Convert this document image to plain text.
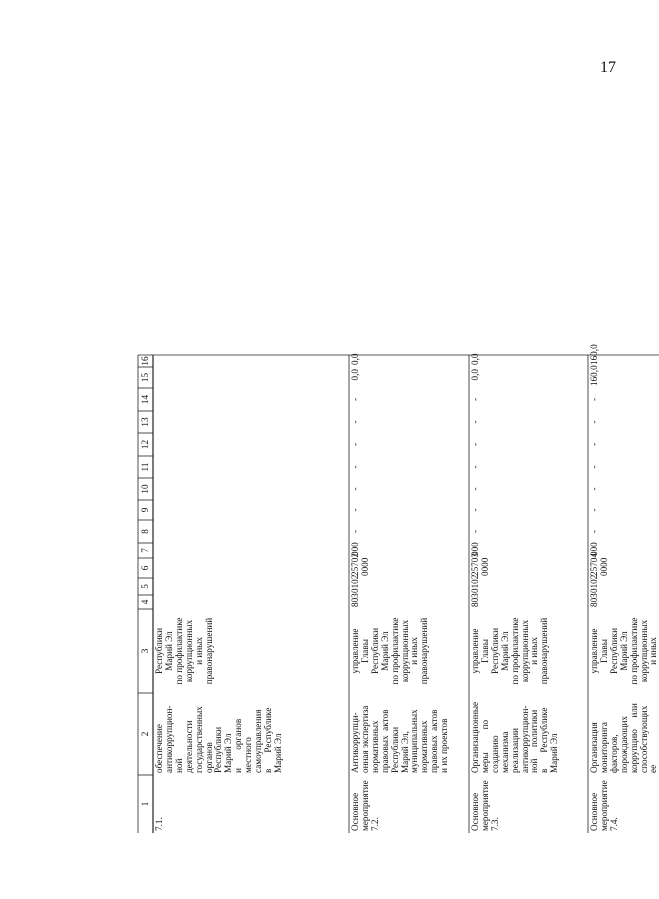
17
1
2
3
4
5
6
7
8
9
10
11
12
13
14
15
16
7.1.
обеспечение
антикоррупцион-
ной
деятельности
государственных
органов
Республики
Марий Эл
и        органов
местного
самоуправления
в       Республике
Марий Эл
Республики
Марий Эл
по профилактике
коррупционных
и иных
правонарушений
Основное
мероприятие
7.2.
Антикоррупци-
онная экспертиза
нормативных
правовых  актов
Республики
Марий Эл,
муниципальных
нормативных
правовых  актов
и их проектов
управление
Главы
Республики
Марий Эл
по профилактике
коррупционных
и иных
правонарушений
803
0102
25702
0000
000
-
-
-
-
-
-
-
0,0
0,0
Основное
мероприятие
7.3.
Организационные
меры          по
созданию
механизма
реализации
антикоррупцион-
ной     политики
в       Республике
Марий Эл
управление
Главы
Республики
Марий Эл
по профилактике
коррупционных
и иных
правонарушений
803
0102
25703
0000
000
-
-
-
-
-
-
-
0,0
0,0
Основное
мероприятие
7.4.
Организация
мониторинга
факторов,
порождающих
коррупцию     или
способствующих
ее
управление
Главы
Республики
Марий Эл
по профилактике
коррупционных
и иных
803
0102
25704
0000
000
-
-
-
-
-
-
-
160,0
160,0
